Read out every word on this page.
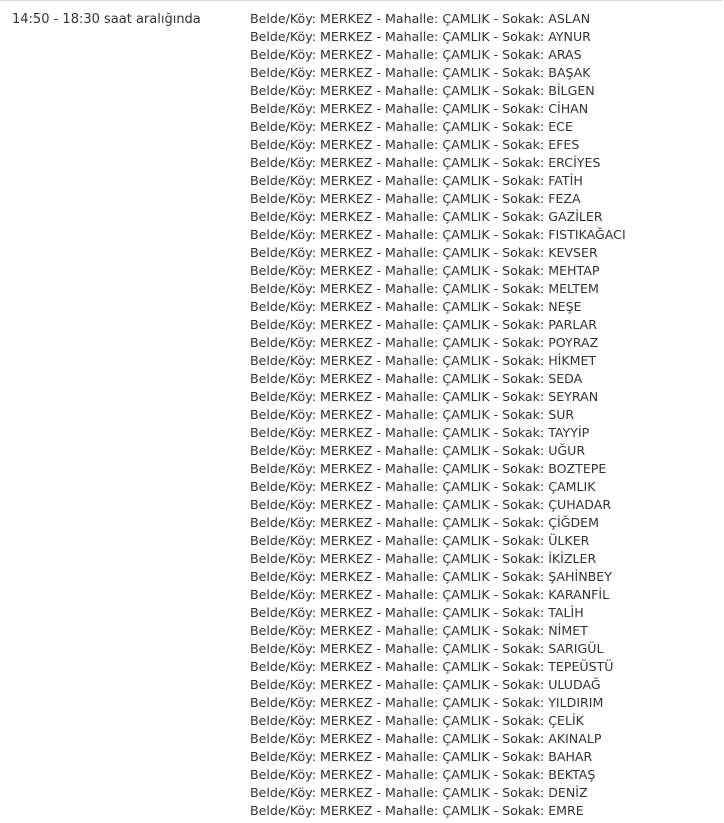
14:50 - 18:30 saat aralığında	Belde/Köy: MERKEZ - Mahalle: ÇAMLIK - Sokak: ASLAN
Belde/Köy: MERKEZ - Mahalle: ÇAMLIK - Sokak: AYNUR
Belde/Köy: MERKEZ - Mahalle: ÇAMLIK - Sokak: ARAS
Belde/Köy: MERKEZ - Mahalle: ÇAMLIK - Sokak: BAŞAK
Belde/Köy: MERKEZ - Mahalle: ÇAMLIK - Sokak: BİLGEN
Belde/Köy: MERKEZ - Mahalle: ÇAMLIK - Sokak: CİHAN
Belde/Köy: MERKEZ - Mahalle: ÇAMLIK - Sokak: ECE
Belde/Köy: MERKEZ - Mahalle: ÇAMLIK - Sokak: EFES
Belde/Köy: MERKEZ - Mahalle: ÇAMLIK - Sokak: ERCİYES
Belde/Köy: MERKEZ - Mahalle: ÇAMLIK - Sokak: FATİH
Belde/Köy: MERKEZ - Mahalle: ÇAMLIK - Sokak: FEZA
Belde/Köy: MERKEZ - Mahalle: ÇAMLIK - Sokak: GAZİLER
Belde/Köy: MERKEZ - Mahalle: ÇAMLIK - Sokak: FISTIKAĞACI
Belde/Köy: MERKEZ - Mahalle: ÇAMLIK - Sokak: KEVSER
Belde/Köy: MERKEZ - Mahalle: ÇAMLIK - Sokak: MEHTAP
Belde/Köy: MERKEZ - Mahalle: ÇAMLIK - Sokak: MELTEM
Belde/Köy: MERKEZ - Mahalle: ÇAMLIK - Sokak: NEŞE
Belde/Köy: MERKEZ - Mahalle: ÇAMLIK - Sokak: PARLAR
Belde/Köy: MERKEZ - Mahalle: ÇAMLIK - Sokak: POYRAZ
Belde/Köy: MERKEZ - Mahalle: ÇAMLIK - Sokak: HİKMET
Belde/Köy: MERKEZ - Mahalle: ÇAMLIK - Sokak: SEDA
Belde/Köy: MERKEZ - Mahalle: ÇAMLIK - Sokak: SEYRAN
Belde/Köy: MERKEZ - Mahalle: ÇAMLIK - Sokak: SUR
Belde/Köy: MERKEZ - Mahalle: ÇAMLIK - Sokak: TAYYİP
Belde/Köy: MERKEZ - Mahalle: ÇAMLIK - Sokak: UĞUR
Belde/Köy: MERKEZ - Mahalle: ÇAMLIK - Sokak: BOZTEPE
Belde/Köy: MERKEZ - Mahalle: ÇAMLIK - Sokak: ÇAMLIK
Belde/Köy: MERKEZ - Mahalle: ÇAMLIK - Sokak: ÇUHADAR
Belde/Köy: MERKEZ - Mahalle: ÇAMLIK - Sokak: ÇİĞDEM
Belde/Köy: MERKEZ - Mahalle: ÇAMLIK - Sokak: ÜLKER
Belde/Köy: MERKEZ - Mahalle: ÇAMLIK - Sokak: İKİZLER
Belde/Köy: MERKEZ - Mahalle: ÇAMLIK - Sokak: ŞAHİNBEY
Belde/Köy: MERKEZ - Mahalle: ÇAMLIK - Sokak: KARANFİL
Belde/Köy: MERKEZ - Mahalle: ÇAMLIK - Sokak: TALİH
Belde/Köy: MERKEZ - Mahalle: ÇAMLIK - Sokak: NİMET
Belde/Köy: MERKEZ - Mahalle: ÇAMLIK - Sokak: SARIGÜL
Belde/Köy: MERKEZ - Mahalle: ÇAMLIK - Sokak: TEPEÜSTÜ
Belde/Köy: MERKEZ - Mahalle: ÇAMLIK - Sokak: ULUDAĞ
Belde/Köy: MERKEZ - Mahalle: ÇAMLIK - Sokak: YILDIRIM
Belde/Köy: MERKEZ - Mahalle: ÇAMLIK - Sokak: ÇELİK
Belde/Köy: MERKEZ - Mahalle: ÇAMLIK - Sokak: AKINALP
Belde/Köy: MERKEZ - Mahalle: ÇAMLIK - Sokak: BAHAR
Belde/Köy: MERKEZ - Mahalle: ÇAMLIK - Sokak: BEKTAŞ
Belde/Köy: MERKEZ - Mahalle: ÇAMLIK - Sokak: DENİZ
Belde/Köy: MERKEZ - Mahalle: ÇAMLIK - Sokak: EMRE
